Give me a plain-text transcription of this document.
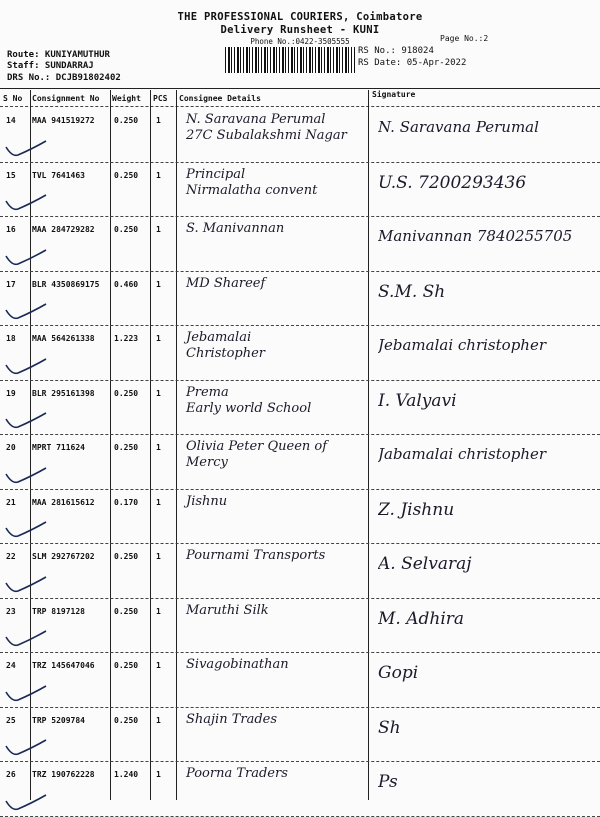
THE PROFESSIONAL COURIERS, Coimbatore
Delivery Runsheet - KUNI
Phone No.:0422-3505555	Page No.:2
Route: KUNIYAMUTHUR
Staff: SUNDARRAJ
DRS No.: DCJB91802402
RS No.: 918024
RS Date: 05-Apr-2022
S No Consignment No Weight PCS Consignee Details	Signature
14 MAA 941519272 0.250 1 N. Saravana Perumal
27C Subalakshmi Nagar	N. Saravana Perumal
15 TVL 7641463	0.250 1 Principal
Nirmalatha convent	U.S. 7200293436
16 MAA 284729282 0.250 1 S. Manivannan	Manivannan 7840255705
17 BLR 4350869175 0.460 1 MD Shareef	S.M. Sh
18 MAA 564261338 1.223 1 Jebamalai
Christopher	Jebamalai christopher
19 BLR 295161398 0.250 1 Prema
Early world School	I. Valyavi
20 MPRT 711624	0.250 1 Olivia Peter Queen of
Mercy	Jabamalai christopher
21 MAA 281615612 0.170 1 Jishnu	Z. Jishnu
22 SLM 292767202 0.250 1 Pournami Transports	A. Selvaraj
23 TRP 8197128	0.250 1 Maruthi Silk	M. Adhira
24 TRZ 145647046 0.250 1 Sivagobinathan	Gopi
25 TRP 5209784	0.250 1 Shajin Trades	Sh
26 TRZ 190762228 1.240 1 Poorna Traders	Ps
